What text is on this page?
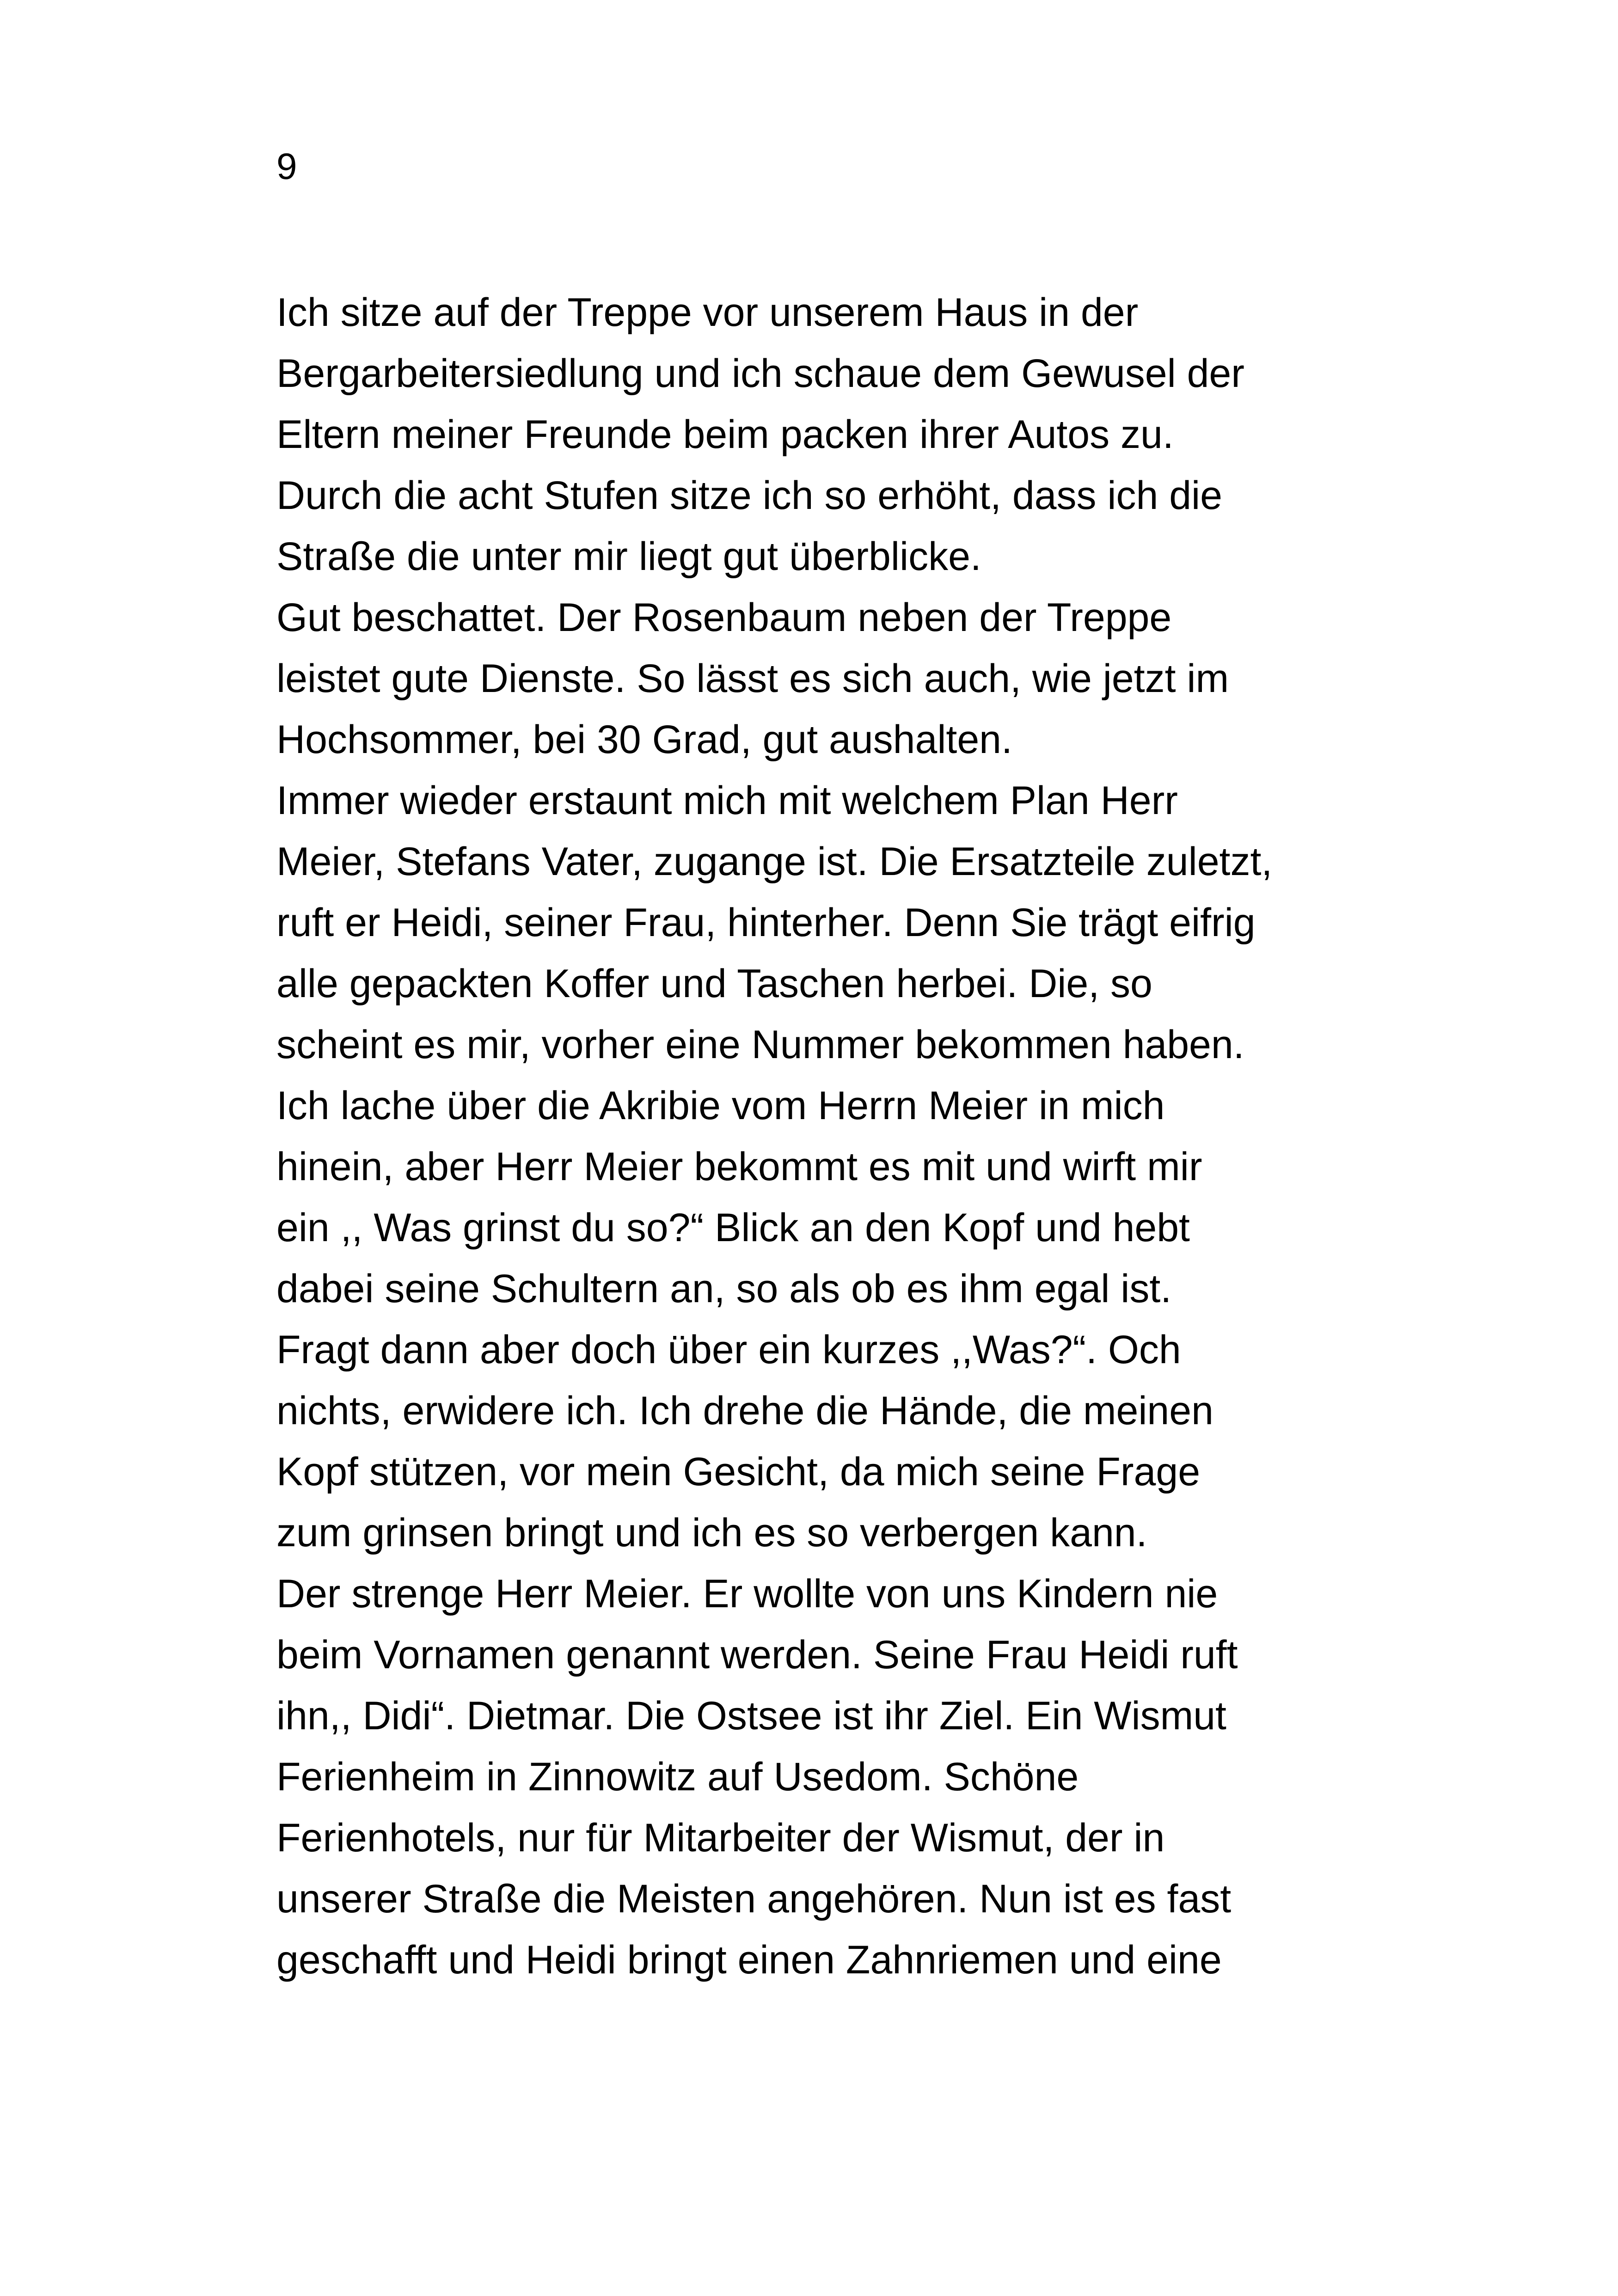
9
Ich sitze auf der Treppe vor unserem Haus in der
Bergarbeitersiedlung und ich schaue dem Gewusel der
Eltern meiner Freunde beim packen ihrer Autos zu.
Durch die acht Stufen sitze ich so erhöht, dass ich die
Straße die unter mir liegt gut überblicke.
Gut beschattet. Der Rosenbaum neben der Treppe
leistet gute Dienste. So lässt es sich auch, wie jetzt im
Hochsommer, bei 30 Grad, gut aushalten.
Immer wieder erstaunt mich mit welchem Plan Herr
Meier, Stefans Vater, zugange ist. Die Ersatzteile zuletzt,
ruft er Heidi, seiner Frau, hinterher. Denn Sie trägt eifrig
alle gepackten Koffer und Taschen herbei. Die, so
scheint es mir, vorher eine Nummer bekommen haben.
Ich lache über die Akribie vom Herrn Meier in mich
hinein, aber Herr Meier bekommt es mit und wirft mir
ein ,, Was grinst du so?“ Blick an den Kopf und hebt
dabei seine Schultern an, so als ob es ihm egal ist.
Fragt dann aber doch über ein kurzes ,,Was?“. Och
nichts, erwidere ich. Ich drehe die Hände, die meinen
Kopf stützen, vor mein Gesicht, da mich seine Frage
zum grinsen bringt und ich es so verbergen kann.
Der strenge Herr Meier. Er wollte von uns Kindern nie
beim Vornamen genannt werden. Seine Frau Heidi ruft
ihn,, Didi“. Dietmar. Die Ostsee ist ihr Ziel. Ein Wismut
Ferienheim in Zinnowitz auf Usedom. Schöne
Ferienhotels, nur für Mitarbeiter der Wismut, der in
unserer Straße die Meisten angehören. Nun ist es fast
geschafft und Heidi bringt einen Zahnriemen und eine
